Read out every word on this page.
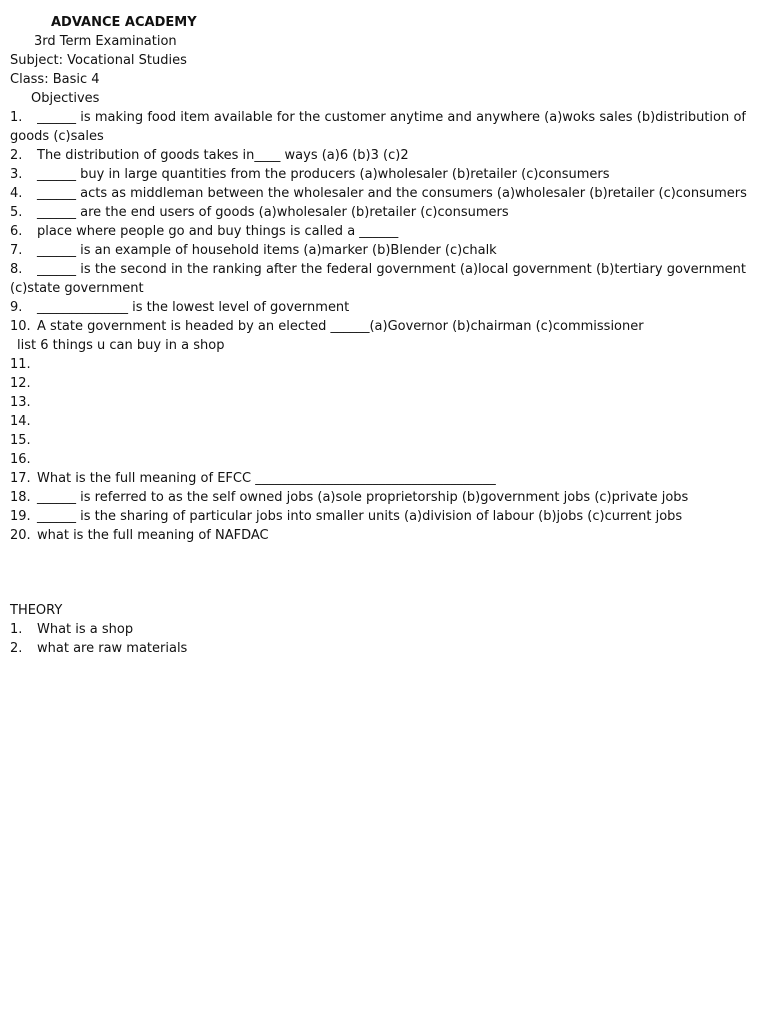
ADVANCE ACADEMY
3rd Term Examination
Subject: Vocational Studies
Class: Basic 4
Objectives
1.	______ is making food item available for the customer anytime and anywhere (a)woks sales (b)distribution of
goods (c)sales
2.	The distribution of goods takes in____ ways (a)6 (b)3 (c)2
3.	______ buy in large quantities from the producers (a)wholesaler (b)retailer (c)consumers
4.	______ acts as middleman between the wholesaler and the consumers (a)wholesaler (b)retailer (c)consumers
5.	______ are the end users of goods (a)wholesaler (b)retailer (c)consumers
6.	place where people go and buy things is called a ______
7.	______ is an example of household items (a)marker (b)Blender (c)chalk
8.	______ is the second in the ranking after the federal government (a)local government (b)tertiary government
(c)state government
9.	______________ is the lowest level of government
10. A state government is headed by an elected ______(a)Governor (b)chairman (c)commissioner
list 6 things u can buy in a shop
11.
12.
13.
14.
15.
16.
17. What is the full meaning of EFCC _____________________________________
18. ______ is referred to as the self owned jobs (a)sole proprietorship (b)government jobs (c)private jobs
19. ______ is the sharing of particular jobs into smaller units (a)division of labour (b)jobs (c)current jobs
20. what is the full meaning of NAFDAC
THEORY
1.	What is a shop
2.	what are raw materials
